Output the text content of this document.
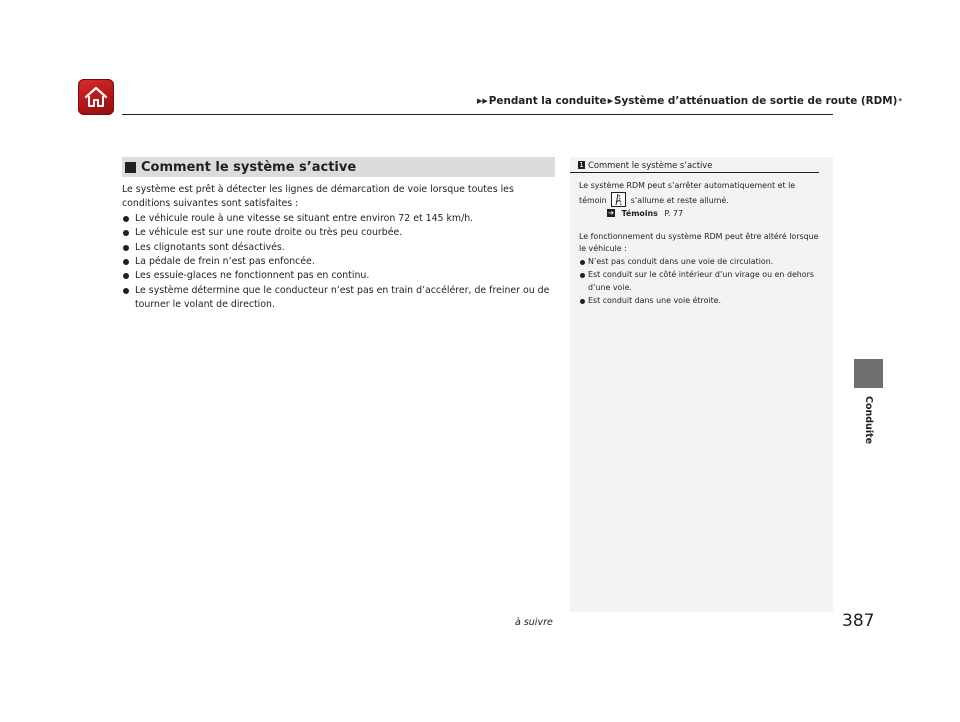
▶▶ Pendant la conduite ▶ Système d’atténuation de sortie de route (RDM) *
Comment le système s’active

Le système est prêt à détecter les lignes de démarcation de voie lorsque toutes les conditions suivantes sont satisfaites :

Le véhicule roule à une vitesse se situant entre environ 72 et 145 km/h.
Le véhicule est sur une route droite ou très peu courbée.
Les clignotants sont désactivés.
La pédale de frein n’est pas enfoncée.
Les essuie-glaces ne fonctionnent pas en continu.
Le système détermine que le conducteur n’est pas en train d’accélérer, de freiner ou de tourner le volant de direction.
1 Comment le système s’active

Le système RDM peut s’arrêter automatiquement et le témoin	s’allume et reste allumé.

➔ Témoins P. 77

Le fonctionnement du système RDM peut être altéré lorsque le véhicule :

N’est pas conduit dans une voie de circulation.
Est conduit sur le côté intérieur d’un virage ou en dehors d’une voie.
Est conduit dans une voie étroite.
Conduite
à suivre	387
